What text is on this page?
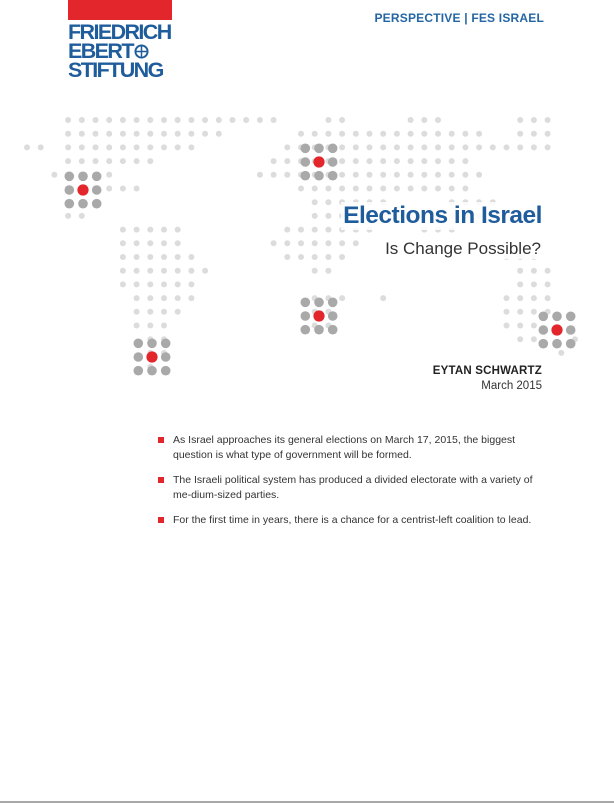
FRIEDRICH
EBERT
STIFTUNG
PERSPECTIVE | FES ISRAEL
Elections in Israel
Is Change Possible?
EYTAN SCHWARTZ
March 2015
As Israel approaches its general elections on March 17, 2015, the biggest question is what type of government will be formed.
The Israeli political system has produced a divided electorate with a variety of me-dium-sized parties.
For the first time in years, there is a chance for a centrist-left coalition to lead.
